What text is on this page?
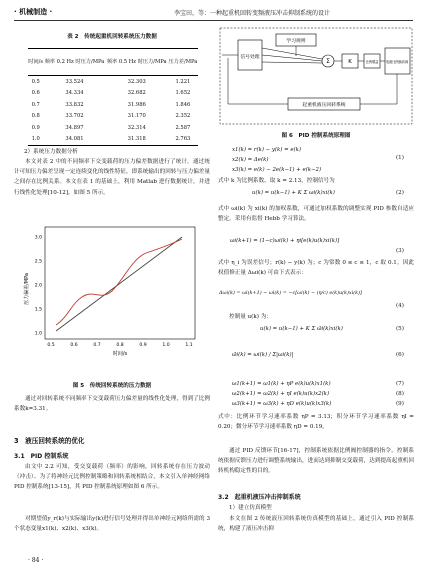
· 机械制造 ·	李宝田，等：一种起重机回转变频液压冲击抑制系统的设计
表 2　传统起重机回转系统压力数据
时间/s	频率 0.2 Hz 时压力/MPa	频率 0.5 Hz 时压力/MPa	压力差/MPa
0.5	33.524	32.303	1.221
0.6	34.334	32.682	1.652
0.7	33.832	31.986	1.846
0.8	33.702	31.170	2.352
0.9	34.897	32.314	2.587
1.0	34.081	31.318	2.763
2）系统压力数据分析
本文对表 2 中的不同频率下交变载荷的压力偏差数据进行了统计。通过统计可知压力偏差呈现一定连续变化的线性特征，即系统输出的回转与压力偏差量之间存在比例关系。本文在表 1 的基础上，利用 Matlab 进行数据统计，并进行线性化处理[10-12]，如图 5 所示。
压力偏差/MPa
时间/s
0.5	0.6	0.7	0.8	0.9	1.0	1.1
1.0
1.5
2.0
2.5
3.0
图 5　传统回转系统的压力数据
通过对回转系统不同频率下交变载荷压力偏差量的线性化处理，得到了比例系数k=3.31。
3　液压回转系统的优化
3.1　PID 控制系统
由文中 2.2 可知，受交变载荷（频率）的影响，回转系统存在压力波动（冲击）。为了将神经元比例控制策略和回转系统相结合，本文引入单神经网络 PID 控制系统[13-15]，其 PID 控制系统原理如图 6 所示。
对期望值y_r(k)与实际输出y(k)进行信号处理并得出单神经元网络所需的 3 个状态变量x1(k)、x2(k)、x3(k)。
信号处理
学习规则
Σ	K	比例增益 电液比例换向阀
起重机液压回转系统
图 6　PID 控制系统原理图
x1(k) = r(k) − y(k) = e(k)
x2(k) = Δe(k)
x3(k) = e(k) − 2e(k−1) + e(k−2)
(1)
式中 k 为比例系数，取 k = 2.13，控制信号为
u(k) = u(k−1) + K Σ ωi(k)xi(k)	(2)
式中 ωi(k) 为 xi(k) 的加权系数，可通过加权系数的调整实现 PID 参数自适应整定。采用有监督 Hebb 学习算法。
ωi(k+1) = (1−c)ωi(k) + ηi[e(k)u(k)xi(k)]
(3)
式中 η_i 为误差信号；r(k) − y(k) 为；c 为常数 0 ≤ c ≤ 1，c 取 0.1。因此权值修正量 Δωi(k) 可由下式表示：
Δωi(k) = ωi(k+1) − ωi(k) = −c[ωi(k) − (η/c) e(k)u(k)xi(k)]
(4)
控制量 u(k) 为：
u(k) = u(k−1) + K Σ ω̄i(k)xi(k)	(5)
ω̄i(k) = ωi(k) / Σ|ωi(k)|	(6)
ω1(k+1) = ω1(k) + ηP e(k)u(k)x1(k)	(7)
ω2(k+1) = ω2(k) + ηI e(k)u(k)x2(k)	(8)
ω3(k+1) = ω3(k) + ηD e(k)u(k)x3(k)	(9)
式中：比例环节学习速率系数 ηP = 3.13；积分环节学习速率系数 ηI = 0.20；微分环节学习速率系数 ηD = 0.19。
通过 PID 反馈环节[16-17]，控制系统依据比例阀控制器的指令，控制系统依据反馈压力进行调整系统输出，进而达到抑制交变载荷，达到提高起重机回转机构稳定性的目的。
3.2　起重机液压冲击抑制系统
1）建立仿真模型
本文在图 2 传统液压回转系统仿真模型的基础上，通过引入 PID 控制系统，构建了液压冲击抑
· 84 ·
